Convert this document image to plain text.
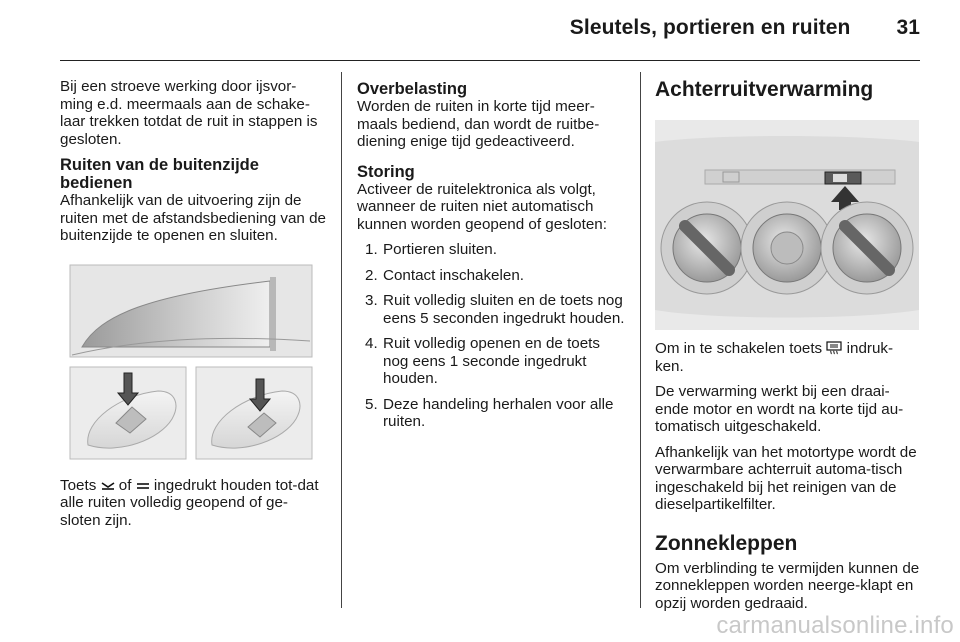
Sleutels, portieren en ruiten 31

Bij een stroeve werking door ijsvor-ming e.d. meermaals aan de schake-laar trekken totdat de ruit in stappen is gesloten.

Ruiten van de buitenzijde bedienen

Afhankelijk van de uitvoering zijn de ruiten met de afstandsbediening van de buitenzijde te openen en sluiten.

Toets of ingedrukt houden tot-dat alle ruiten volledig geopend of ge-sloten zijn.

Overbelasting

Worden de ruiten in korte tijd meer-maals bediend, dan wordt de ruitbe-diening enige tijd gedeactiveerd.

Storing

Activeer de ruitelektronica als volgt, wanneer de ruiten niet automatisch kunnen worden geopend of gesloten:

1. Portieren sluiten.
2. Contact inschakelen.
3. Ruit volledig sluiten en de toets nog eens 5 seconden ingedrukt houden.
4. Ruit volledig openen en de toets nog eens 1 seconde ingedrukt houden.
5. Deze handeling herhalen voor alle ruiten.
Achterruitverwarming

Om in te schakelen toets indruk-ken.

De verwarming werkt bij een draai-ende motor en wordt na korte tijd au-tomatisch uitgeschakeld.

Afhankelijk van het motortype wordt de verwarmbare achterruit automa-tisch ingeschakeld bij het reinigen van de dieselpartikelfilter.

Zonnekleppen

Om verblinding te vermijden kunnen de zonnekleppen worden neerge-klapt en opzij worden gedraaid.

carmanualsonline.info
